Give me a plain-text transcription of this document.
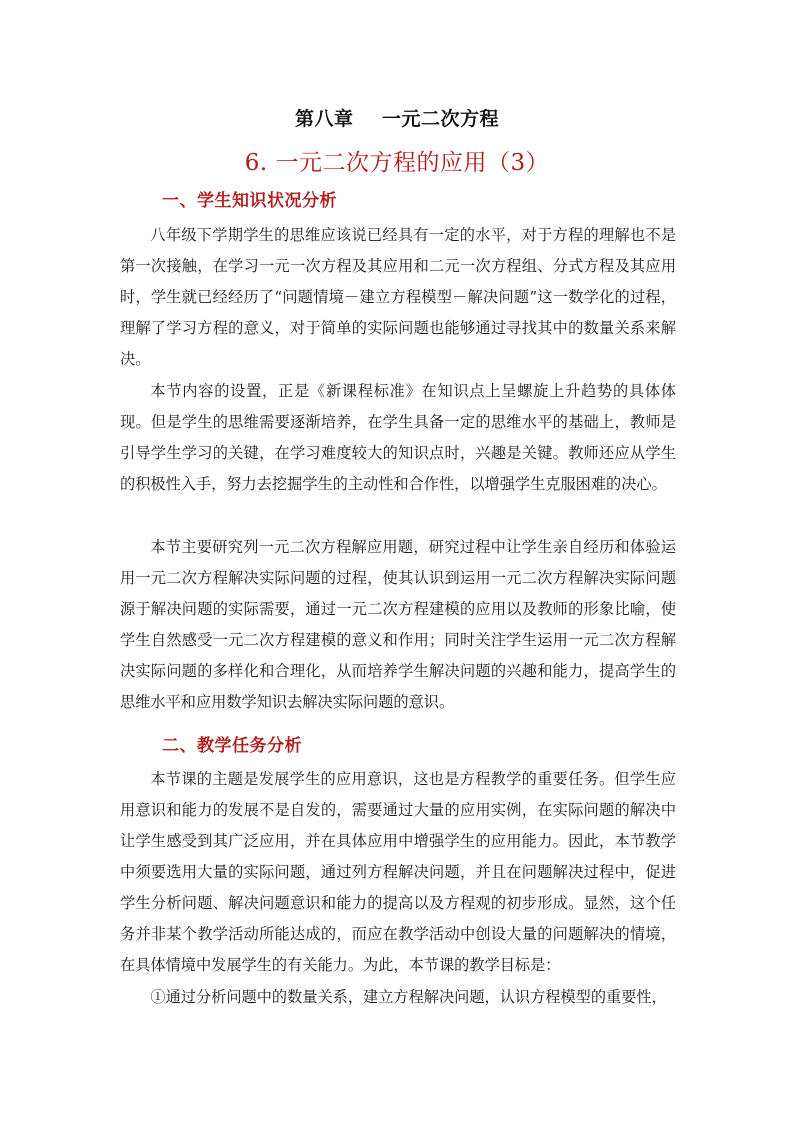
第八章    一元二次方程
6. 一元二次方程的应用（3）
一、学生知识状况分析

八年级下学期学生的思维应该说已经具有一定的水平，对于方程的理解也不是第一次接触，在学习一元一次方程及其应用和二元一次方程组、分式方程及其应用时，学生就已经经历了“问题情境－建立方程模型－解决问题”这一数学化的过程，理解了学习方程的意义，对于简单的实际问题也能够通过寻找其中的数量关系来解决。

本节内容的设置，正是《新课程标准》在知识点上呈螺旋上升趋势的具体体现。但是学生的思维需要逐渐培养，在学生具备一定的思维水平的基础上，教师是引导学生学习的关键，在学习难度较大的知识点时，兴趣是关键。教师还应从学生的积极性入手，努力去挖掘学生的主动性和合作性，以增强学生克服困难的决心。

本节主要研究列一元二次方程解应用题，研究过程中让学生亲自经历和体验运用一元二次方程解决实际问题的过程，使其认识到运用一元二次方程解决实际问题源于解决问题的实际需要，通过一元二次方程建模的应用以及教师的形象比喻，使学生自然感受一元二次方程建模的意义和作用；同时关注学生运用一元二次方程解决实际问题的多样化和合理化，从而培养学生解决问题的兴趣和能力，提高学生的思维水平和应用数学知识去解决实际问题的意识。

二、教学任务分析

本节课的主题是发展学生的应用意识，这也是方程教学的重要任务。但学生应用意识和能力的发展不是自发的，需要通过大量的应用实例，在实际问题的解决中让学生感受到其广泛应用，并在具体应用中增强学生的应用能力。因此，本节教学中须要选用大量的实际问题，通过列方程解决问题，并且在问题解决过程中，促进学生分析问题、解决问题意识和能力的提高以及方程观的初步形成。显然，这个任务并非某个教学活动所能达成的，而应在教学活动中创设大量的问题解决的情境，在具体情境中发展学生的有关能力。为此，本节课的教学目标是：

①通过分析问题中的数量关系，建立方程解决问题，认识方程模型的重要性，
